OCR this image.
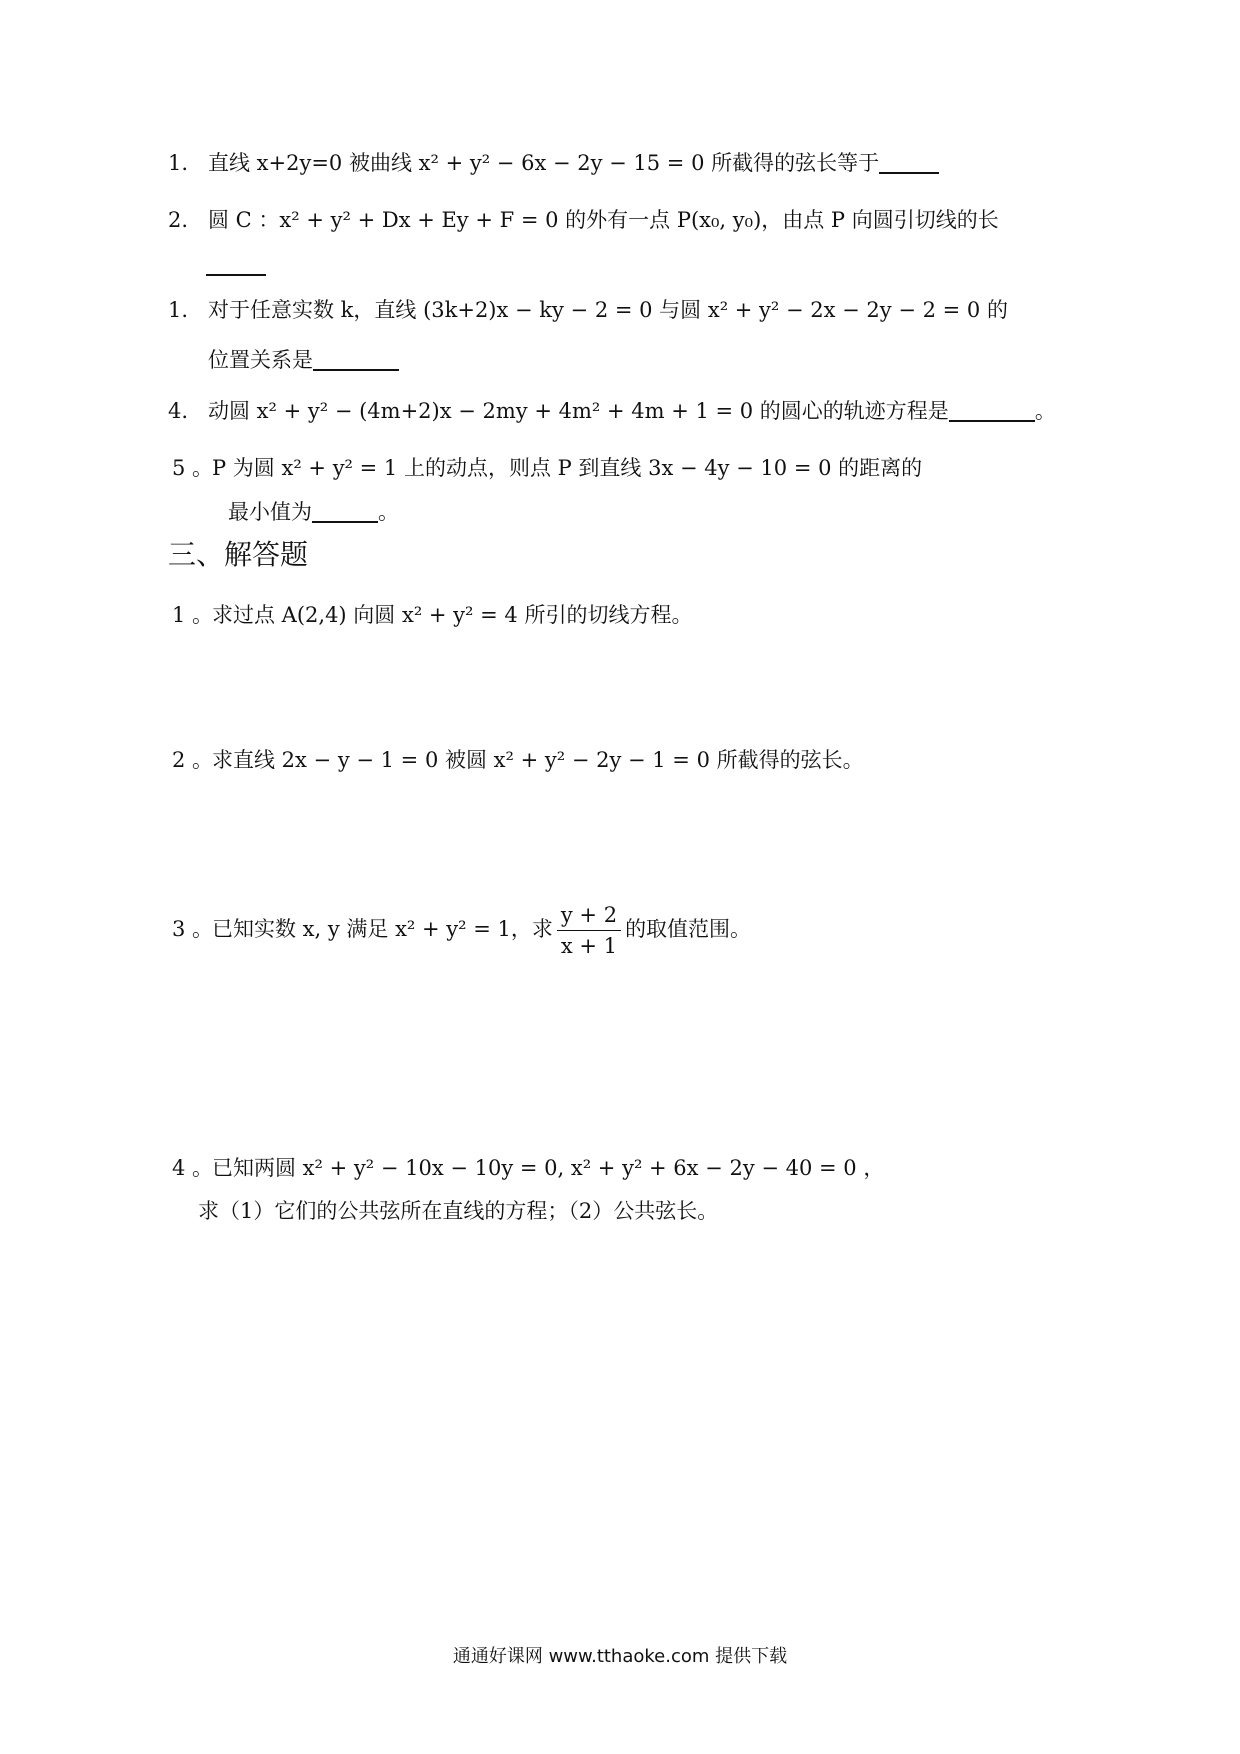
1. 直线 x+2y=0 被曲线 x² + y² − 6x − 2y − 15 = 0 所截得的弦长等于
2. 圆 C ：x² + y² + Dx + Ey + F = 0 的外有一点 P(x₀, y₀)，由点 P 向圆引切线的长
1. 对于任意实数 k，直线 (3k+2)x − ky − 2 = 0 与圆 x² + y² − 2x − 2y − 2 = 0 的
位置关系是
4. 动圆 x² + y² − (4m+2)x − 2my + 4m² + 4m + 1 = 0 的圆心的轨迹方程是	。
5 。P 为圆 x² + y² = 1 上的动点，则点 P 到直线 3x − 4y − 10 = 0 的距离的
最小值为	。
三、解答题
1 。求过点 A(2,4) 向圆 x² + y² = 4 所引的切线方程。
2 。求直线 2x − y − 1 = 0 被圆 x² + y² − 2y − 1 = 0 所截得的弦长。
3 。已知实数 x, y 满足 x² + y² = 1，求 $\frac{y + 2}{x + 1}$ 的取值范围。
4 。已知两圆 x² + y² − 10x − 10y = 0, x² + y² + 6x − 2y − 40 = 0 ，
求（1）它们的公共弦所在直线的方程；（2）公共弦长。
通通好课网 www.tthaoke.com 提供下载
